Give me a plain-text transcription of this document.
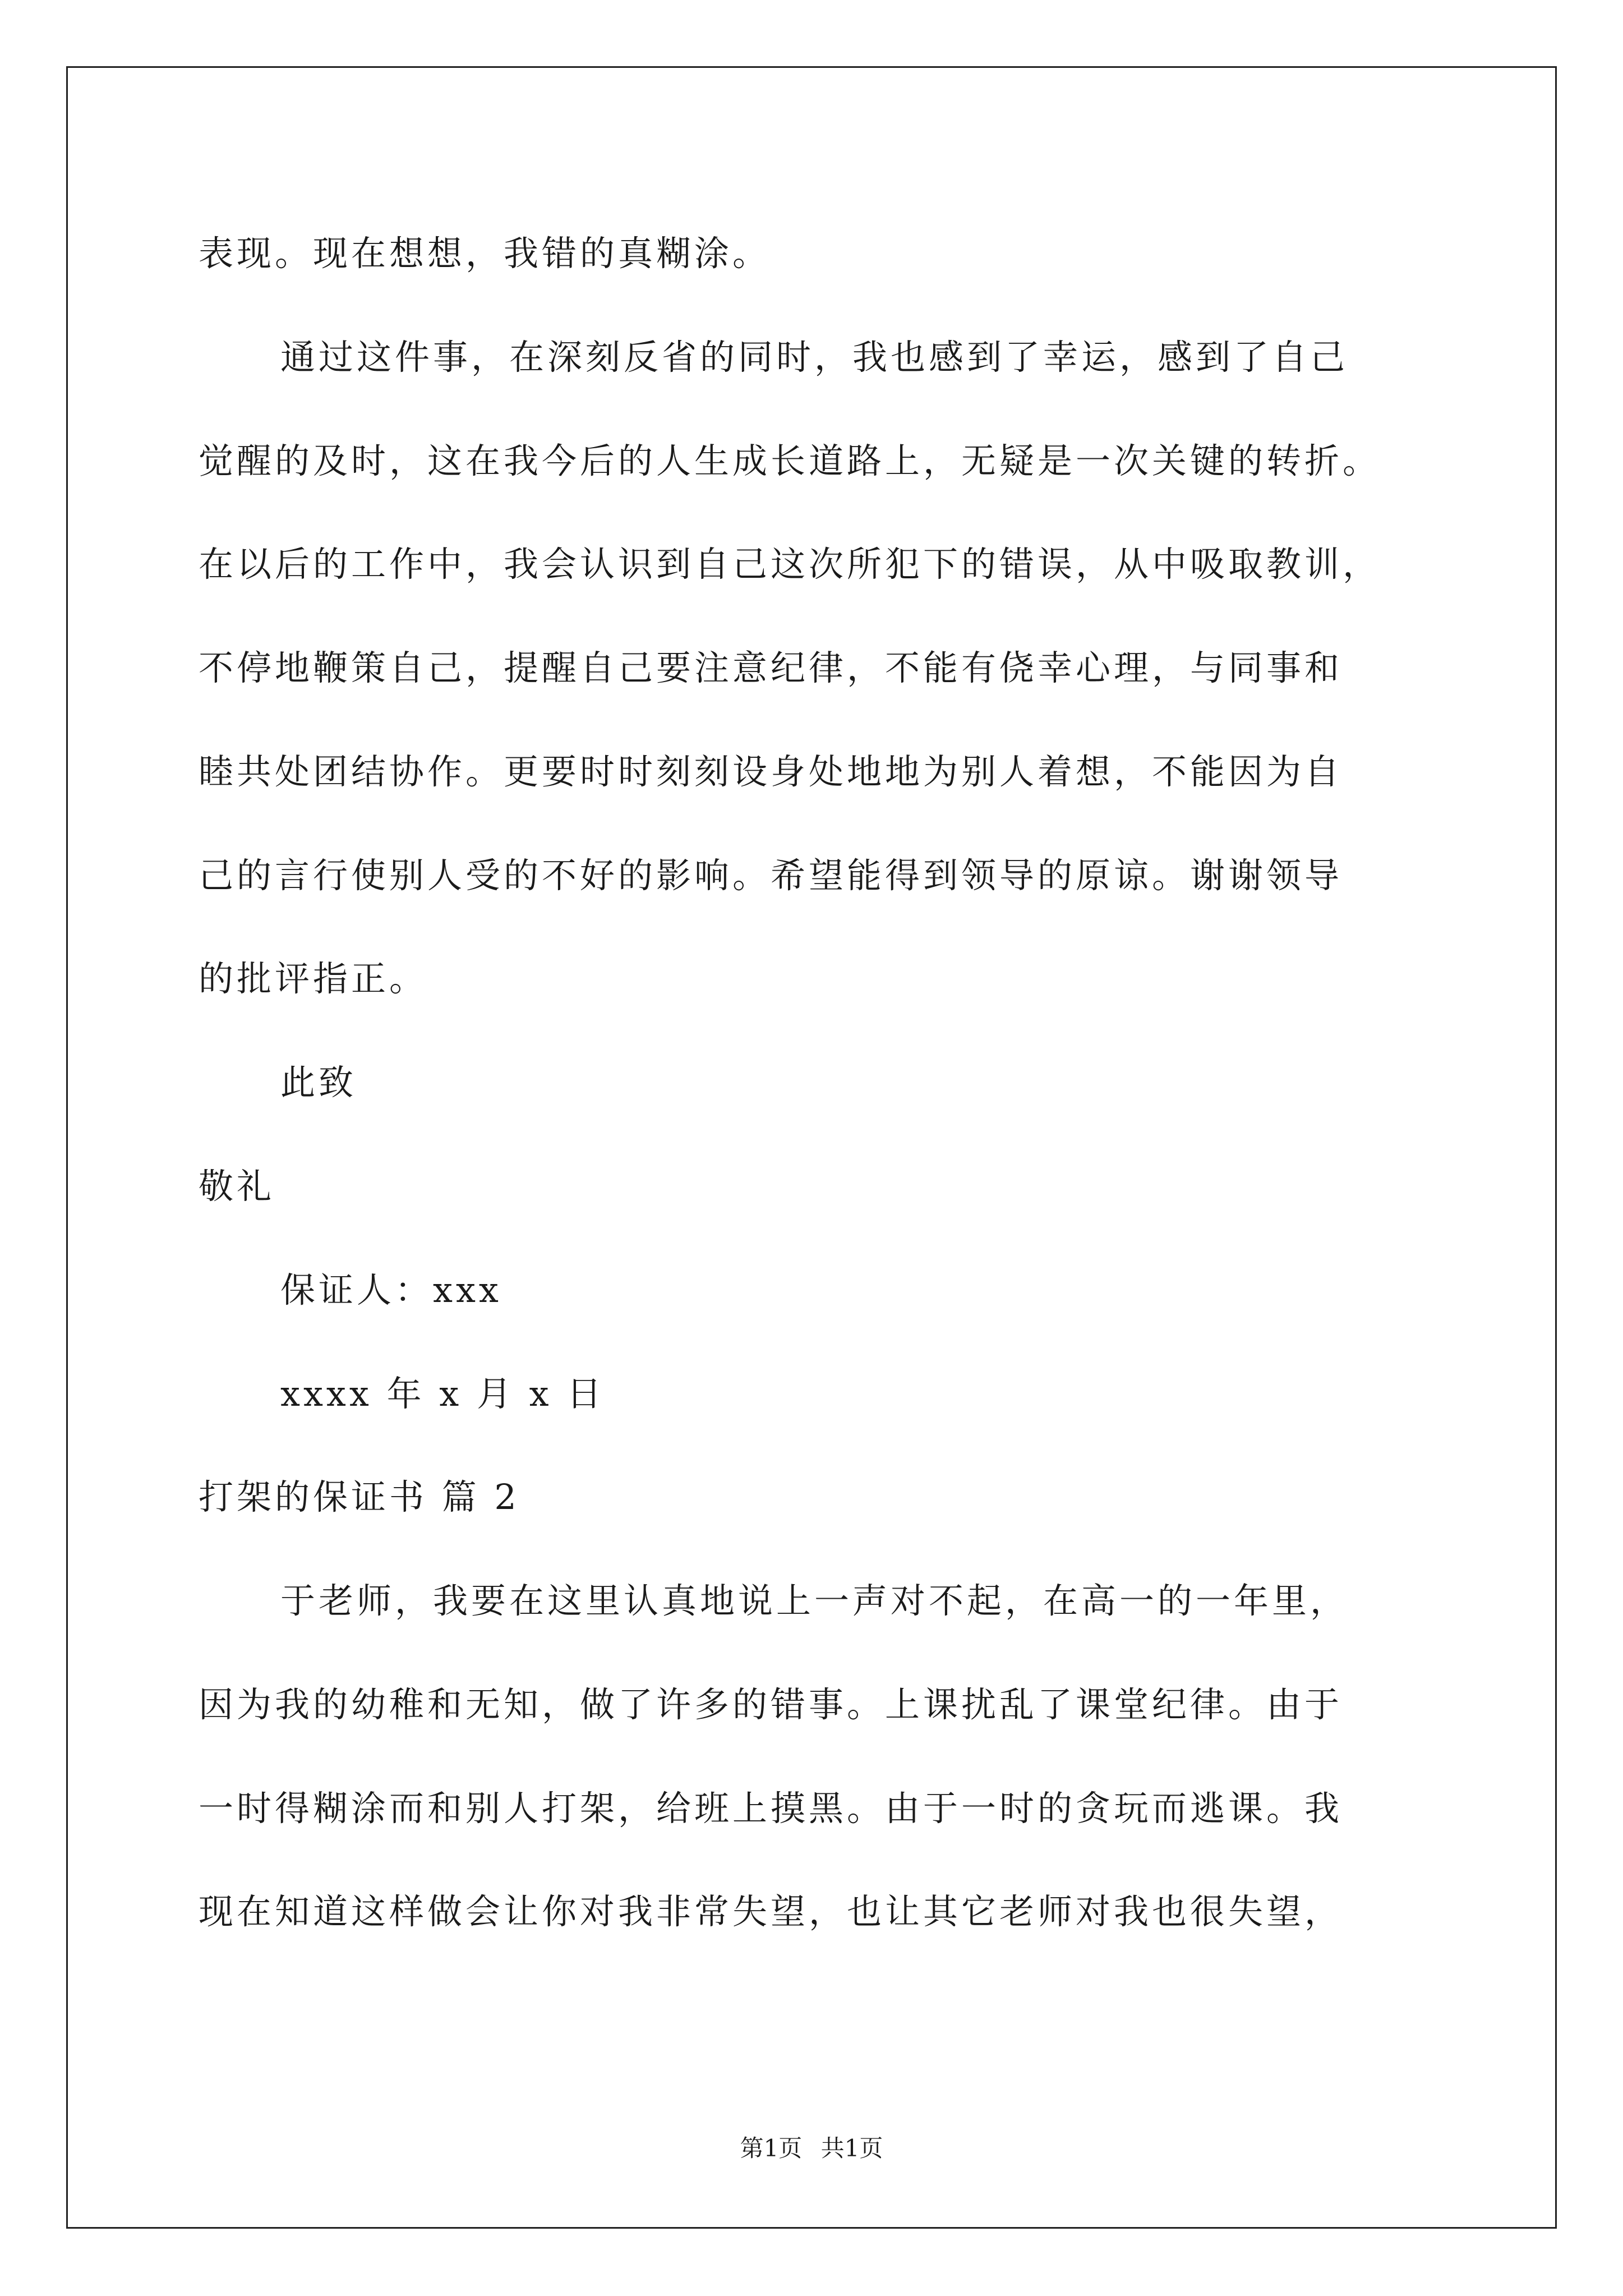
表现。现在想想，我错的真糊涂。
通过这件事，在深刻反省的同时，我也感到了幸运，感到了自己
觉醒的及时，这在我今后的人生成长道路上，无疑是一次关键的转折。
在以后的工作中，我会认识到自己这次所犯下的错误，从中吸取教训，
不停地鞭策自己，提醒自己要注意纪律，不能有侥幸心理，与同事和
睦共处团结协作。更要时时刻刻设身处地地为别人着想，不能因为自
己的言行使别人受的不好的影响。希望能得到领导的原谅。谢谢领导
的批评指正。
此致
敬礼
保证人：xxx
xxxx 年 x 月 x 日
打架的保证书 篇 2
于老师，我要在这里认真地说上一声对不起，在高一的一年里，
因为我的幼稚和无知，做了许多的错事。上课扰乱了课堂纪律。由于
一时得糊涂而和别人打架，给班上摸黑。由于一时的贪玩而逃课。我
现在知道这样做会让你对我非常失望，也让其它老师对我也很失望，
第1页 共1页
